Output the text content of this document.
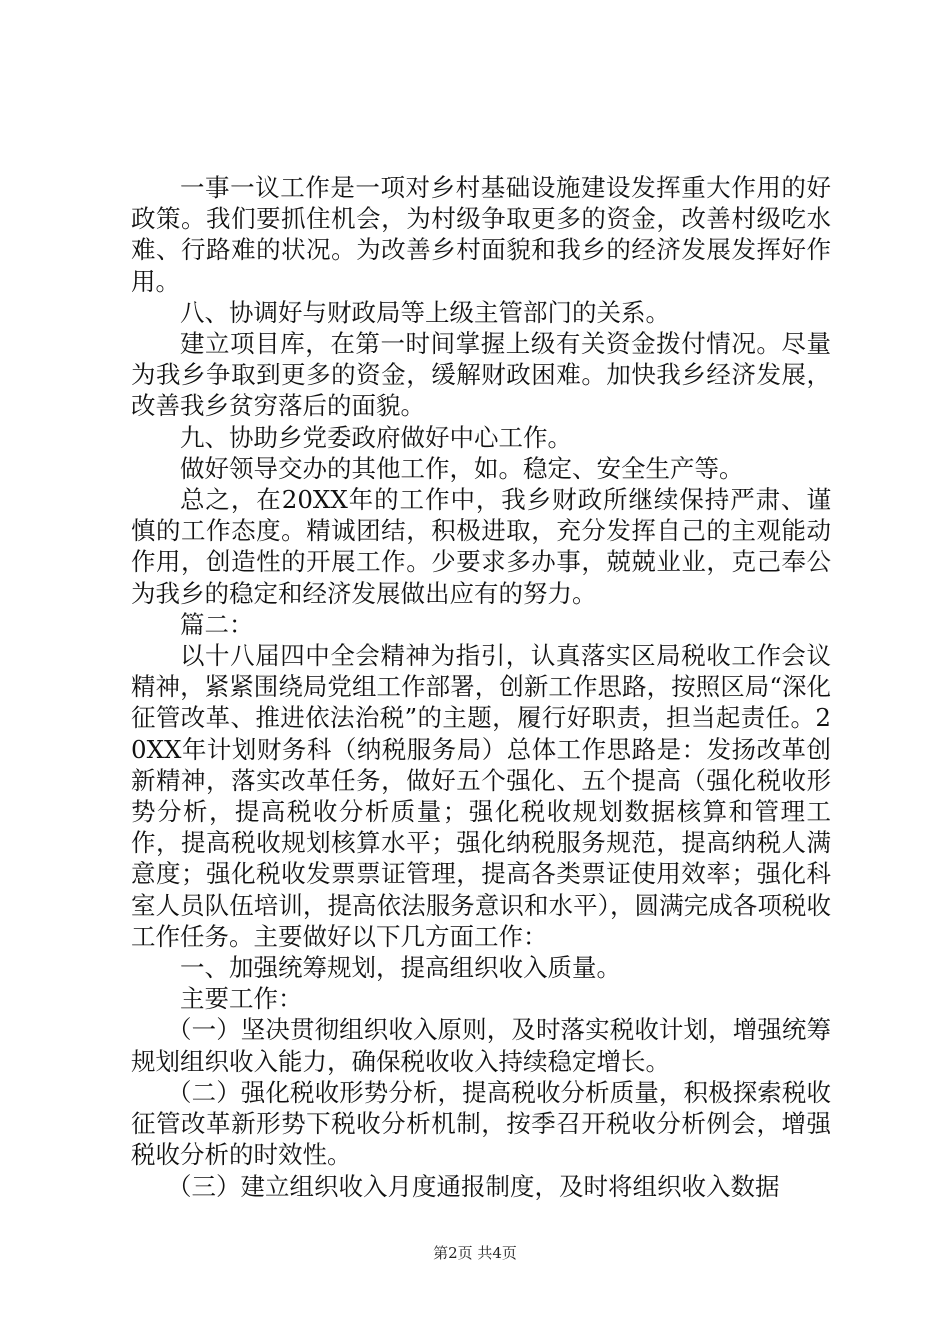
一事一议工作是一项对乡村基础设施建设发挥重大作用的好政策。我们要抓住机会，为村级争取更多的资金，改善村级吃水难、行路难的状况。为改善乡村面貌和我乡的经济发展发挥好作用。

八、协调好与财政局等上级主管部门的关系。

建立项目库，在第一时间掌握上级有关资金拨付情况。尽量为我乡争取到更多的资金，缓解财政困难。加快我乡经济发展，改善我乡贫穷落后的面貌。

九、协助乡党委政府做好中心工作。

做好领导交办的其他工作，如。稳定、安全生产等。

总之，在20XX年的工作中，我乡财政所继续保持严肃、谨慎的工作态度。精诚团结，积极进取，充分发挥自己的主观能动作用，创造性的开展工作。少要求多办事，兢兢业业，克己奉公为我乡的稳定和经济发展做出应有的努力。

篇二：

以十八届四中全会精神为指引，认真落实区局税收工作会议精神，紧紧围绕局党组工作部署，创新工作思路，按照区局“深化征管改革、推进依法治税”的主题，履行好职责，担当起责任。20XX年计划财务科（纳税服务局）总体工作思路是：发扬改革创新精神，落实改革任务，做好五个强化、五个提高（强化税收形势分析，提高税收分析质量；强化税收规划数据核算和管理工作，提高税收规划核算水平；强化纳税服务规范，提高纳税人满意度；强化税收发票票证管理，提高各类票证使用效率；强化科室人员队伍培训，提高依法服务意识和水平），圆满完成各项税收工作任务。主要做好以下几方面工作：

一、加强统筹规划，提高组织收入质量。

主要工作：

（一）坚决贯彻组织收入原则，及时落实税收计划，增强统筹规划组织收入能力，确保税收收入持续稳定增长。

（二）强化税收形势分析，提高税收分析质量，积极探索税收征管改革新形势下税收分析机制，按季召开税收分析例会，增强税收分析的时效性。

（三）建立组织收入月度通报制度，及时将组织收入数据

第2页 共4页
